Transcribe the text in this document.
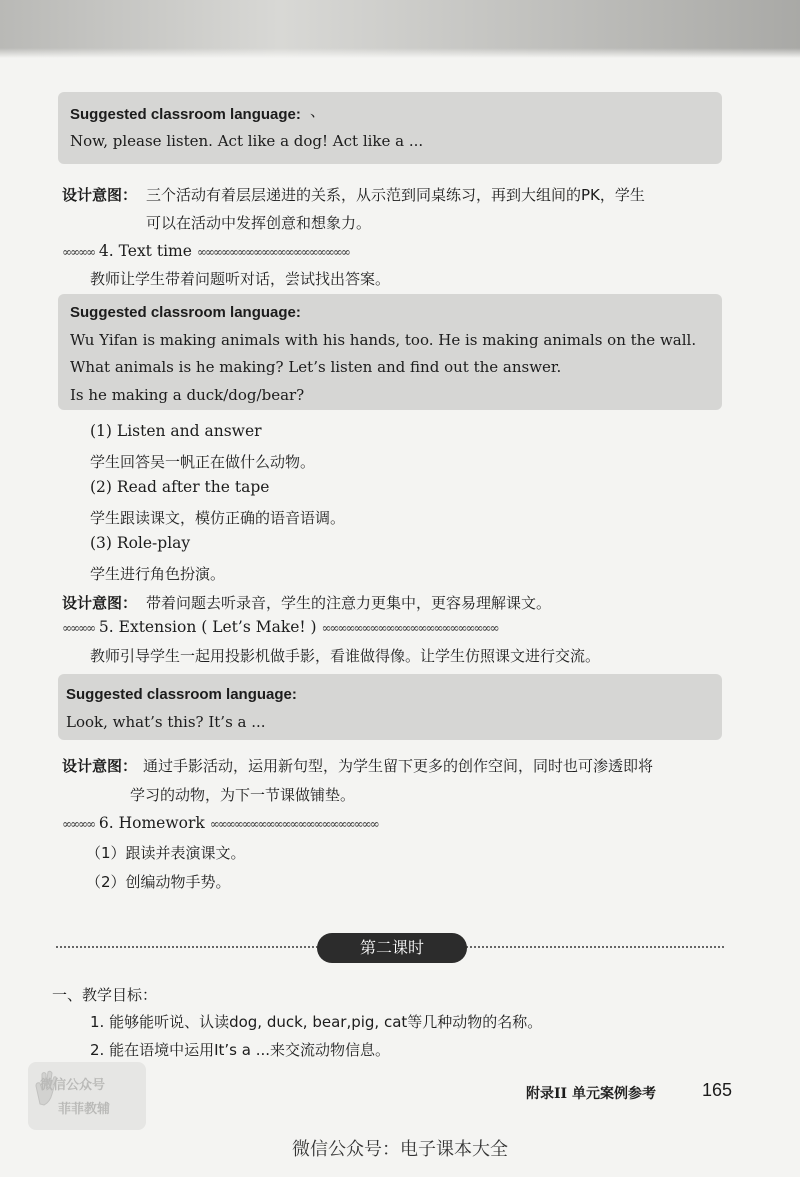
Suggested classroom language: 、
Now, please listen. Act like a dog! Act like a ...
设计意图： 三个活动有着层层递进的关系，从示范到同桌练习，再到大组间的PK，学生
可以在活动中发挥创意和想象力。
∞∞∞∞ 4. Text time ∞∞∞∞∞∞∞∞∞∞∞∞∞∞∞∞∞∞∞
教师让学生带着问题听对话，尝试找出答案。
Suggested classroom language:
Wu Yifan is making animals with his hands, too. He is making animals on the wall.
What animals is he making? Let’s listen and find out the answer.
Is he making a duck/dog/bear?
(1) Listen and answer
学生回答吴一帆正在做什么动物。
(2) Read after the tape
学生跟读课文，模仿正确的语音语调。
(3) Role-play
学生进行角色扮演。
设计意图： 带着问题去听录音，学生的注意力更集中，更容易理解课文。
∞∞∞∞ 5. Extension ( Let’s Make! ) ∞∞∞∞∞∞∞∞∞∞∞∞∞∞∞∞∞∞∞∞∞∞
教师引导学生一起用投影机做手影，看谁做得像。让学生仿照课文进行交流。
Suggested classroom language:
Look, what’s this? It’s a ...
设计意图： 通过手影活动，运用新句型，为学生留下更多的创作空间，同时也可渗透即将
学习的动物，为下一节课做铺垫。
∞∞∞∞ 6. Homework ∞∞∞∞∞∞∞∞∞∞∞∞∞∞∞∞∞∞∞∞∞
（1）跟读并表演课文。
（2）创编动物手势。
第二课时
一、教学目标：
1. 能够能听说、认读dog, duck, bear,pig, cat等几种动物的名称。
2. 能在语境中运用It’s a ...来交流动物信息。
微信公众号
菲菲教辅
附录II 单元案例参考	165
微信公众号：电子课本大全
